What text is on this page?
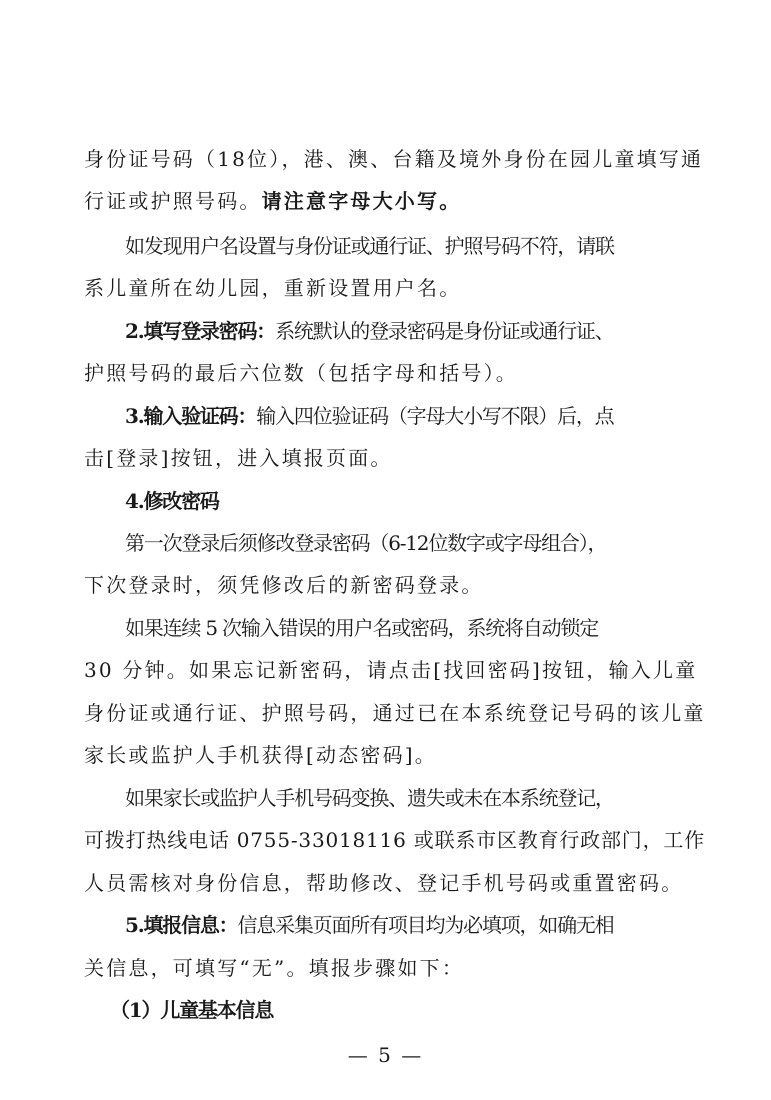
身份证号码（18位），港、澳、台籍及境外身份在园儿童填写通
行证或护照号码。请注意字母大小写。
如发现用户名设置与身份证或通行证、护照号码不符，请联
系儿童所在幼儿园，重新设置用户名。
2.填写登录密码：系统默认的登录密码是身份证或通行证、
护照号码的最后六位数（包括字母和括号）。
3.输入验证码：输入四位验证码（字母大小写不限）后，点
击[登录]按钮，进入填报页面。
4.修改密码
第一次登录后须修改登录密码（6-12位数字或字母组合），
下次登录时，须凭修改后的新密码登录。
如果连续 5 次输入错误的用户名或密码，系统将自动锁定
30 分钟。如果忘记新密码，请点击[找回密码]按钮，输入儿童
身份证或通行证、护照号码，通过已在本系统登记号码的该儿童
家长或监护人手机获得[动态密码]。
如果家长或监护人手机号码变换、遗失或未在本系统登记，
可拨打热线电话 0755-33018116 或联系市区教育行政部门，工作
人员需核对身份信息，帮助修改、登记手机号码或重置密码。
5.填报信息：信息采集页面所有项目均为必填项，如确无相
关信息，可填写“无”。填报步骤如下：
（1）儿童基本信息
— 5 —
